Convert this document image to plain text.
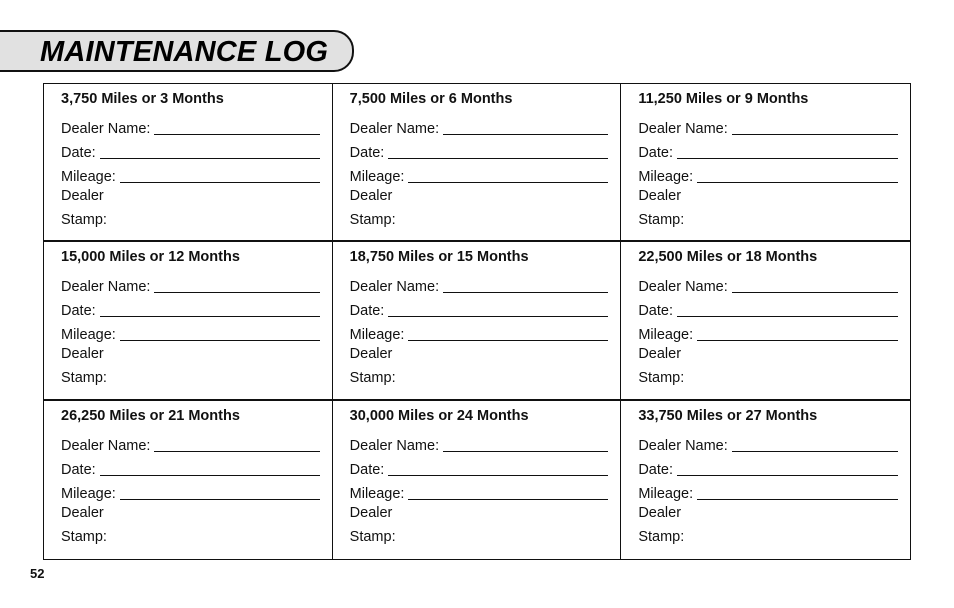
MAINTENANCE LOG
3,750 Miles or 3 Months
Dealer Name:
Date:
Mileage:
Dealer
Stamp:
7,500 Miles or 6 Months
Dealer Name:
Date:
Mileage:
Dealer
Stamp:
11,250 Miles or 9 Months
Dealer Name:
Date:
Mileage:
Dealer
Stamp:
15,000 Miles or 12 Months
Dealer Name:
Date:
Mileage:
Dealer
Stamp:
18,750 Miles or 15 Months
Dealer Name:
Date:
Mileage:
Dealer
Stamp:
22,500 Miles or 18 Months
Dealer Name:
Date:
Mileage:
Dealer
Stamp:
26,250 Miles or 21 Months
Dealer Name:
Date:
Mileage:
Dealer
Stamp:
30,000 Miles or 24 Months
Dealer Name:
Date:
Mileage:
Dealer
Stamp:
33,750 Miles or 27 Months
Dealer Name:
Date:
Mileage:
Dealer
Stamp:
52
